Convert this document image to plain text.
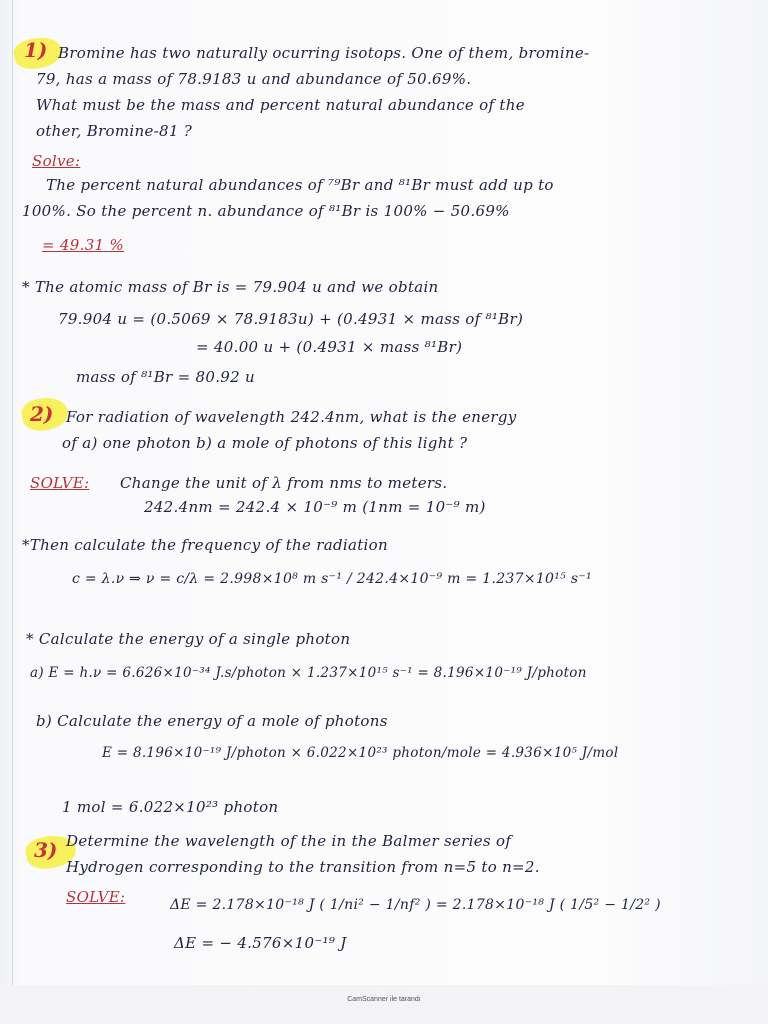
1) Bromine has two naturally ocurring isotops. One of them, bromine-
79, has a mass of 78.9183 u and abundance of 50.69%.
What must be the mass and percent natural abundance of the
other, Bromine-81 ?
Solve:
The percent natural abundances of ⁷⁹Br and ⁸¹Br must add up to
100%. So the percent n. abundance of ⁸¹Br is 100% − 50.69%
= 49.31 %
* The atomic mass of Br is = 79.904 u and we obtain
79.904 u = (0.5069 × 78.9183u) + (0.4931 × mass of ⁸¹Br)
= 40.00 u + (0.4931 × mass ⁸¹Br)
mass of ⁸¹Br = 80.92 u
2) For radiation of wavelength 242.4nm, what is the energy
of a) one photon b) a mole of photons of this light ?
SOLVE: Change the unit of λ from nms to meters.
242.4nm = 242.4 × 10⁻⁹ m (1nm = 10⁻⁹ m)
*Then calculate the frequency of the radiation
c = λ.ν ⇒ ν = c/λ = 2.998×10⁸ m s⁻¹ / 242.4×10⁻⁹ m = 1.237×10¹⁵ s⁻¹
* Calculate the energy of a single photon
a) E = h.ν = 6.626×10⁻³⁴ J.s/photon × 1.237×10¹⁵ s⁻¹ = 8.196×10⁻¹⁹ J/photon
b) Calculate the energy of a mole of photons
E = 8.196×10⁻¹⁹ J/photon × 6.022×10²³ photon/mole = 4.936×10⁵ J/mol
1 mol = 6.022×10²³ photon
3) Determine the wavelength of the in the Balmer series of
Hydrogen corresponding to the transition from n=5 to n=2.
SOLVE:	ΔE = 2.178×10⁻¹⁸ J ( 1/ni² − 1/nf² ) = 2.178×10⁻¹⁸ J ( 1/5² − 1/2² )
ΔE = − 4.576×10⁻¹⁹ J
CamScanner ile tarandı
